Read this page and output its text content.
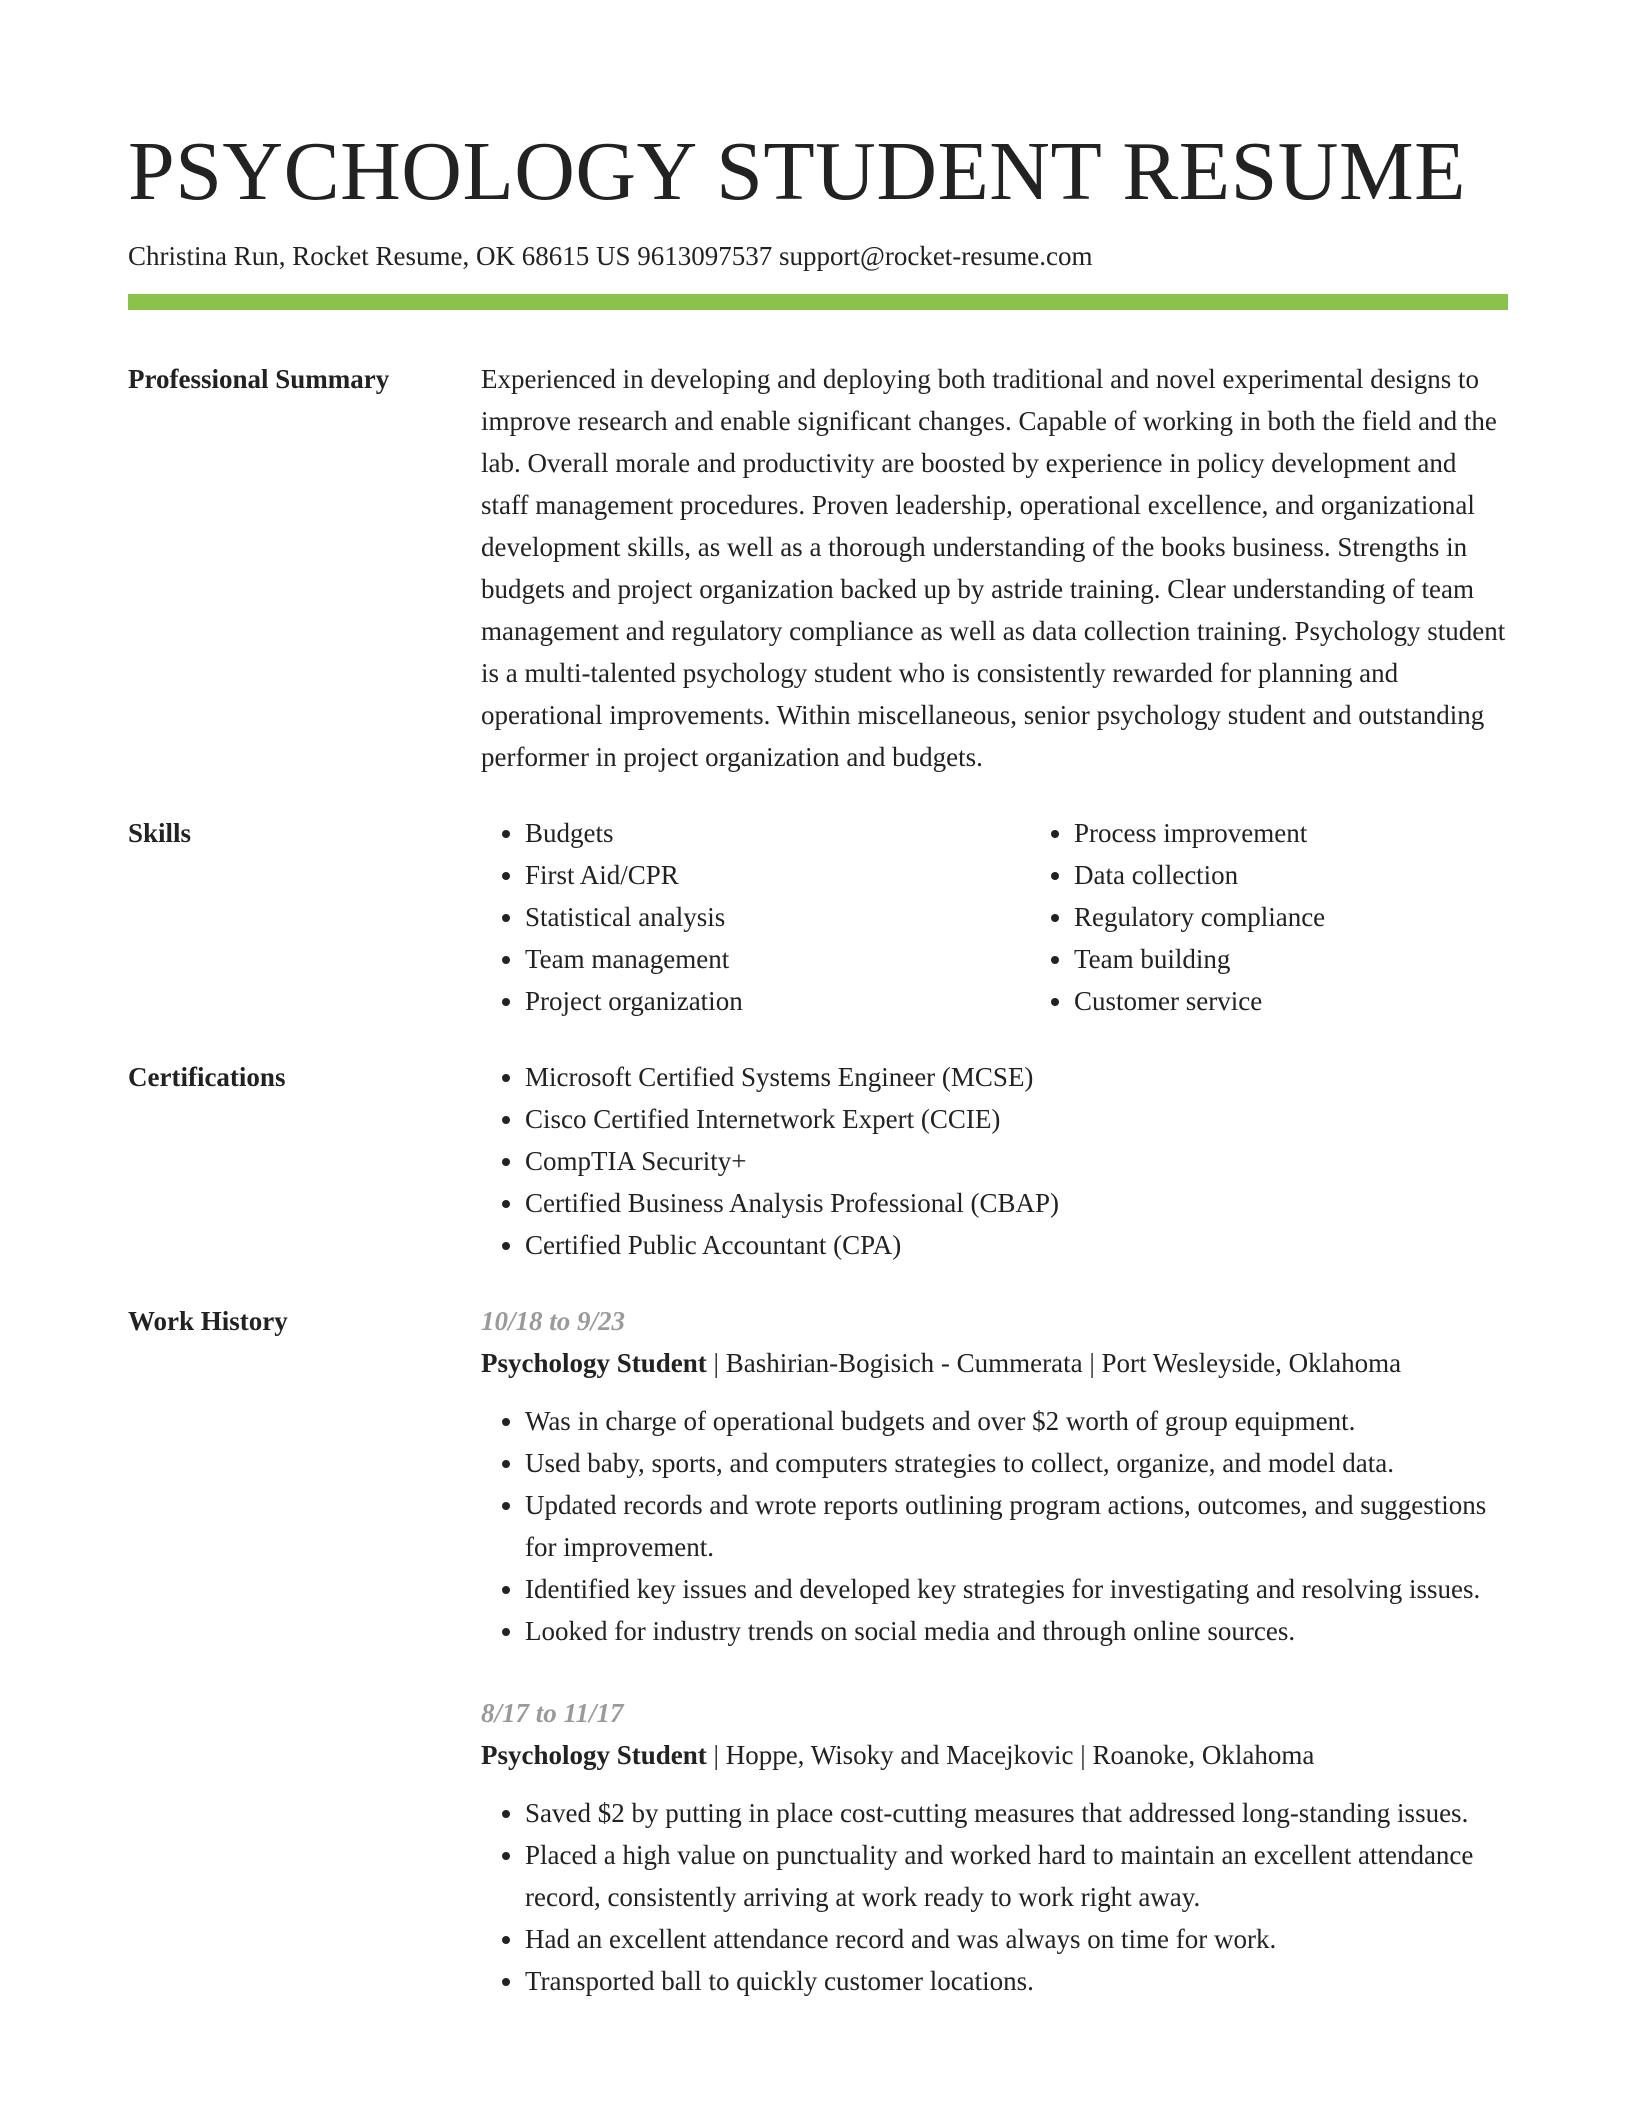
PSYCHOLOGY STUDENT RESUME
Christina Run, Rocket Resume, OK 68615 US 9613097537 support@rocket-resume.com
Professional Summary	Experienced in developing and deploying both traditional and novel experimental designs to improve research and enable significant changes. Capable of working in both the field and the lab. Overall morale and productivity are boosted by experience in policy development and staff management procedures. Proven leadership, operational excellence, and organizational development skills, as well as a thorough understanding of the books business. Strengths in budgets and project organization backed up by astride training. Clear understanding of team management and regulatory compliance as well as data collection training. Psychology student is a multi-talented psychology student who is consistently rewarded for planning and operational improvements. Within miscellaneous, senior psychology student and outstanding performer in project organization and budgets.

Skills	• Budgets
• First Aid/CPR
• Statistical analysis
• Team management
• Project organization
• Process improvement
• Data collection
• Regulatory compliance
• Team building
• Customer service
Certifications	• Microsoft Certified Systems Engineer (MCSE)
• Cisco Certified Internetwork Expert (CCIE)
• CompTIA Security+
• Certified Business Analysis Professional (CBAP)
• Certified Public Accountant (CPA)
Work History	10/18 to 9/23
Psychology Student | Bashirian-Bogisich - Cummerata | Port Wesleyside, Oklahoma
• Was in charge of operational budgets and over $2 worth of group equipment.
• Used baby, sports, and computers strategies to collect, organize, and model data.
• Updated records and wrote reports outlining program actions, outcomes, and suggestions for improvement.
• Identified key issues and developed key strategies for investigating and resolving issues.
• Looked for industry trends on social media and through online sources.
8/17 to 11/17
Psychology Student | Hoppe, Wisoky and Macejkovic | Roanoke, Oklahoma
• Saved $2 by putting in place cost-cutting measures that addressed long-standing issues.
• Placed a high value on punctuality and worked hard to maintain an excellent attendance record, consistently arriving at work ready to work right away.
• Had an excellent attendance record and was always on time for work.
• Transported ball to quickly customer locations.
